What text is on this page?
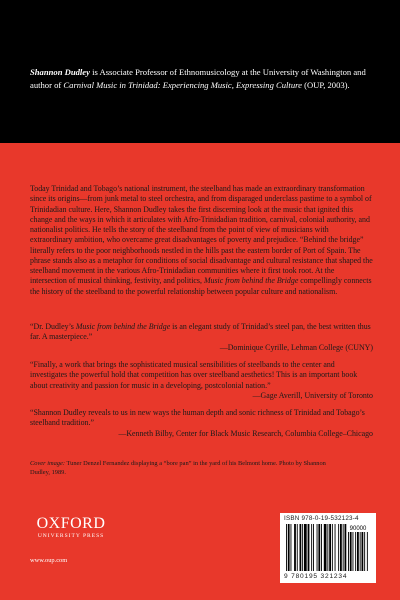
Shannon Dudley is Associate Professor of Ethnomusicology at the University of Washington and author of Carnival Music in Trinidad: Experiencing Music, Expressing Culture (OUP, 2003).

Today Trinidad and Tobago’s national instrument, the steelband has made an extraordinary transformation since its origins—from junk metal to steel orchestra, and from disparaged underclass pastime to a symbol of Trinidadian culture. Here, Shannon Dudley takes the first discerning look at the music that ignited this change and the ways in which it articulates with Afro-Trinidadian tradition, carnival, colonial authority, and nationalist politics. He tells the story of the steelband from the point of view of musicians with extraordinary ambition, who overcame great disadvantages of poverty and prejudice. “Behind the bridge” literally refers to the poor neighborhoods nestled in the hills past the eastern border of Port of Spain. The phrase stands also as a metaphor for conditions of social disadvantage and cultural resistance that shaped the steelband movement in the various Afro-Trinidadian communities where it first took root. At the intersection of musical thinking, festivity, and politics, Music from behind the Bridge compellingly connects the history of the steelband to the powerful relationship between popular culture and nationalism.

“Dr. Dudley’s Music from behind the Bridge is an elegant study of Trinidad’s steel pan, the best written thus far. A masterpiece.”

—Dominique Cyrille, Lehman College (CUNY)

“Finally, a work that brings the sophisticated musical sensibilities of steelbands to the center and investigates the powerful hold that competition has over steelband aesthetics! This is an important book about creativity and passion for music in a developing, postcolonial nation.”

—Gage Averill, University of Toronto

“Shannon Dudley reveals to us in new ways the human depth and sonic richness of Trinidad and Tobago’s steelband tradition.”

—Kenneth Bilby, Center for Black Music Research, Columbia College–Chicago

Cover image: Tuner Denzel Fernandez displaying a “bore pan” in the yard of his Belmont home. Photo by Shannon Dudley, 1989.

OXFORD
UNIVERSITY PRESS
www.oup.com
ISBN 978-0-19-532123-4
90000
9 780195 321234
